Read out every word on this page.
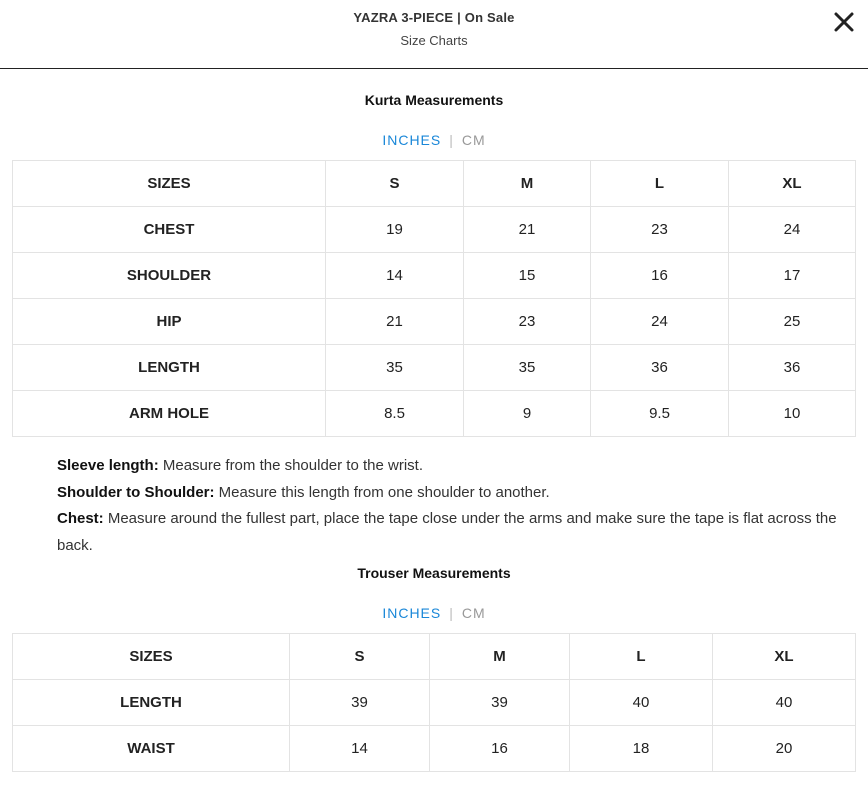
YAZRA 3-PIECE | On Sale
Size Charts
Kurta Measurements
INCHES | CM
SIZES	S	M	L	XL
CHEST	19	21	23	24
SHOULDER	14	15	16	17
HIP	21	23	24	25
LENGTH	35	35	36	36
ARM HOLE	8.5	9	9.5	10
Sleeve length: Measure from the shoulder to the wrist.
Shoulder to Shoulder: Measure this length from one shoulder to another.
Chest: Measure around the fullest part, place the tape close under the arms and make sure the tape is flat across the back.
Trouser Measurements
INCHES | CM
SIZES	S	M	L	XL
LENGTH	39	39	40	40
WAIST	14	16	18	20
